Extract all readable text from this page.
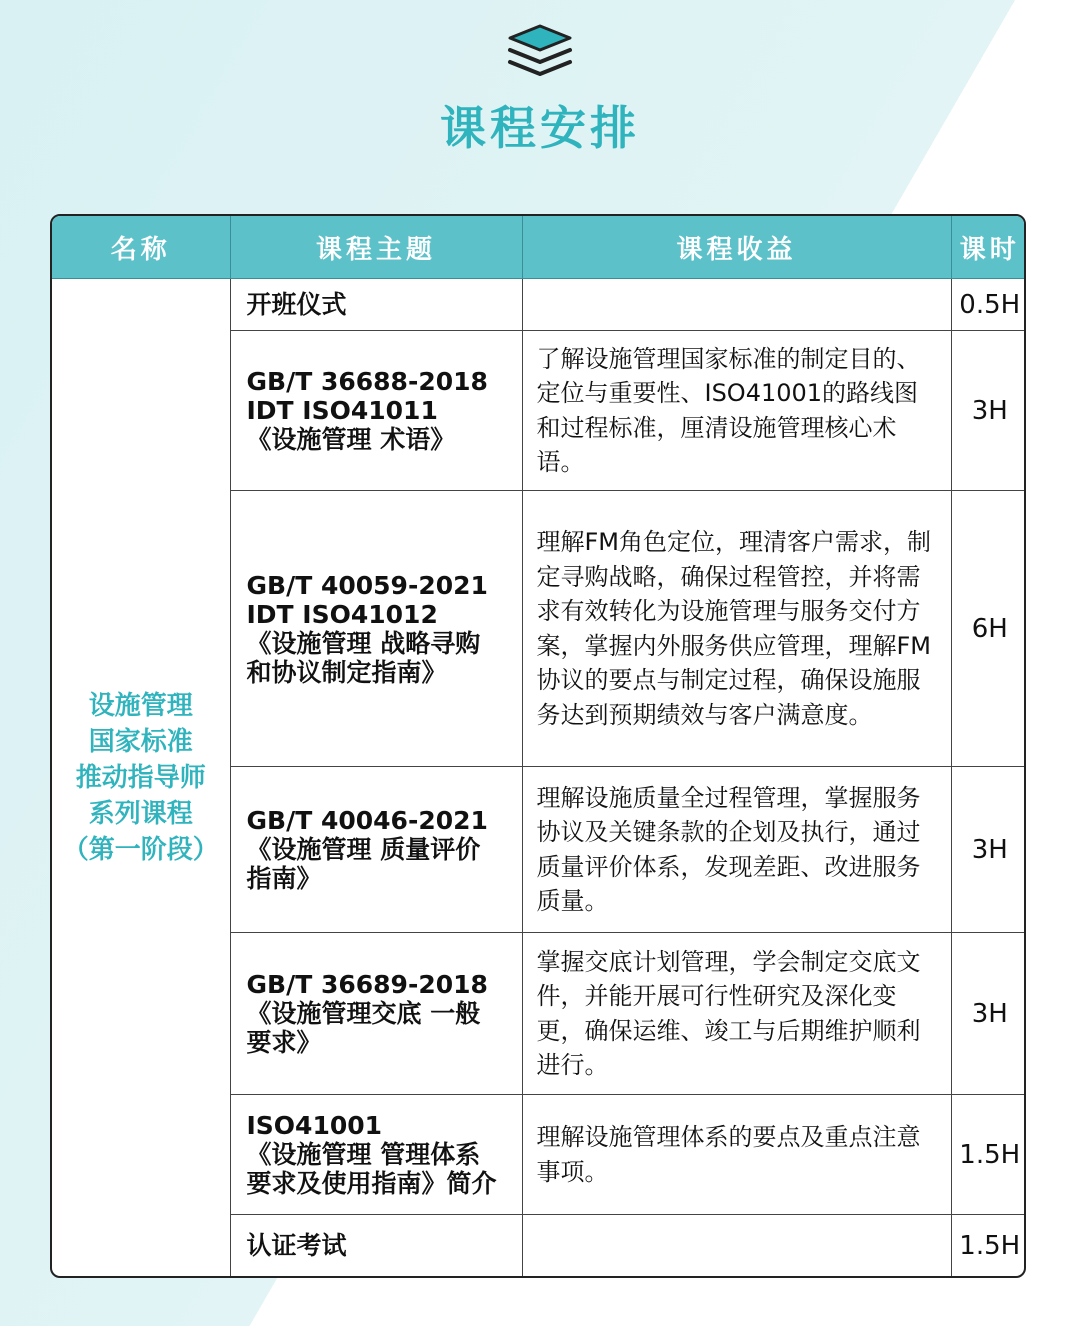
课程安排
名称	课程主题	课程收益	课时

设施管理
国家标准
推动指导师
系列课程
（第一阶段）	开班仪式		0.5H
	GB/T 36688-2018
IDT ISO41011
《设施管理 术语》	了解设施管理国家标准的制定目的、定位与重要性、ISO41001的路线图和过程标准，厘清设施管理核心术语。	3H
	GB/T 40059-2021
IDT ISO41012
《设施管理 战略寻购
和协议制定指南》	理解FM角色定位，理清客户需求，制定寻购战略，确保过程管控，并将需求有效转化为设施管理与服务交付方案，掌握内外服务供应管理，理解FM协议的要点与制定过程，确保设施服务达到预期绩效与客户满意度。	6H
	GB/T 40046-2021
《设施管理 质量评价
指南》	理解设施质量全过程管理，掌握服务协议及关键条款的企划及执行，通过质量评价体系，发现差距、改进服务质量。	3H
	GB/T 36689-2018
《设施管理交底 一般
要求》	掌握交底计划管理，学会制定交底文件，并能开展可行性研究及深化变更，确保运维、竣工与后期维护顺利进行。	3H
	ISO41001
《设施管理 管理体系
要求及使用指南》简介	理解设施管理体系的要点及重点注意事项。	1.5H
	认证考试		1.5H
